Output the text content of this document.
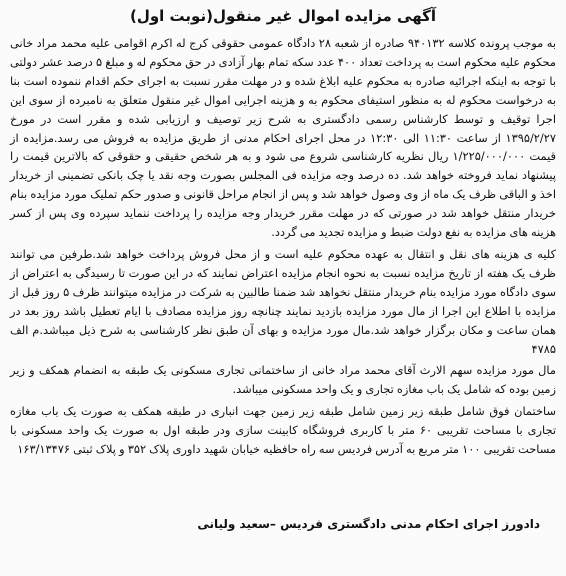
آگهی مزایده اموال غیر منقول(نوبت اول)

به موجب پرونده کلاسه ۹۴۰۱۳۲ صادره از شعبه ۲۸ دادگاه عمومی حقوقی کرج له اکرم اقوامی علیه محمد مراد خانی محکوم علیه محکوم است به پرداخت تعداد ۴۰۰ عدد سکه تمام بهار آزادی در حق محکوم له و مبلغ ۵ درصد عشر دولتی با توجه به اینکه اجرائیه صادره به محکوم علیه ابلاغ شده و در مهلت مقرر نسبت به اجرای حکم اقدام ننموده است بنا به درخواست محکوم له به منظور استیفای محکوم به و هزینه اجرایی اموال غیر منقول متعلق به نامبرده از سوی این اجرا توقیف و توسط کارشناس رسمی دادگستری به شرح زیر توصیف و ارزیابی شده و مقرر است در مورخ ۱۳۹۵/۲/۲۷ از ساعت ۱۱:۳۰ الی ۱۲:۳۰ در محل اجرای احکام مدنی از طریق مزایده به فروش می رسد.مزایده از قیمت ۱/۲۲۵/۰۰۰/۰۰۰ ریال نظریه کارشناسی شروع می شود و به هر شخص حقیقی و حقوقی که بالاترین قیمت را پیشنهاد نماید فروخته خواهد شد. ده درصد وجه مزایده فی المجلس بصورت وجه نقد یا چک بانکی تضمینی از خریدار اخذ و الباقی ظرف یک ماه از وی وصول خواهد شد و پس از انجام مراحل قانونی و صدور حکم تملیک مورد مزایده بنام خریدار منتقل خواهد شد در صورتی که در مهلت مقرر خریدار وجه مزایده را پرداخت ننماید سپرده وی پس از کسر هزینه های مزایده به نفع دولت ضبط و مزایده تجدید می گردد.

کلیه ی هزینه های نقل و انتقال به عهده محکوم علیه است و از محل فروش پرداخت خواهد شد.طرفین می توانند ظرف یک هفته از تاریخ مزایده نسبت به نحوه انجام مزایده اعتراض نمایند که در این صورت تا رسیدگی به اعتراض از سوی دادگاه مورد مزایده بنام خریدار منتقل نخواهد شد ضمنا طالبین به شرکت در مزایده میتوانند ظرف ۵ روز قبل از مزایده با اطلاع این اجرا از مال مورد مزایده بازدید نمایند چنانچه روز مزایده مصادف با ایام تعطیل باشد روز بعد در همان ساعت و مکان برگزار خواهد شد.مال مورد مزایده و بهای آن طبق نظر کارشناسی به شرح ذیل میباشد.م الف ۴۷۸۵

مال مورد مزایده سهم الارث آقای محمد مراد خانی از ساختمانی تجاری مسکونی یک طبقه به انضمام همکف و زیر زمین بوده که شامل یک باب مغازه تجاری و یک واحد مسکونی میباشد.

ساختمان فوق شامل طبقه زیر زمین شامل طبقه زیر زمین جهت انباری در طبقه همکف به صورت یک باب مغازه تجاری با مساحت تقریبی ۶۰ متر با کاربری فروشگاه کابینت سازی ودر طبقه اول به صورت یک واحد مسکونی با مساحت تقریبی ۱۰۰ متر مربع به آدرس فردیس سه راه حافظیه خیابان شهید داوری پلاک ۳۵۲ و پلاک ثبتی ۱۶۳/۱۳۴۷۶

دادورز اجرای احکام مدنی دادگستری فردیس –سعید ولیانی
